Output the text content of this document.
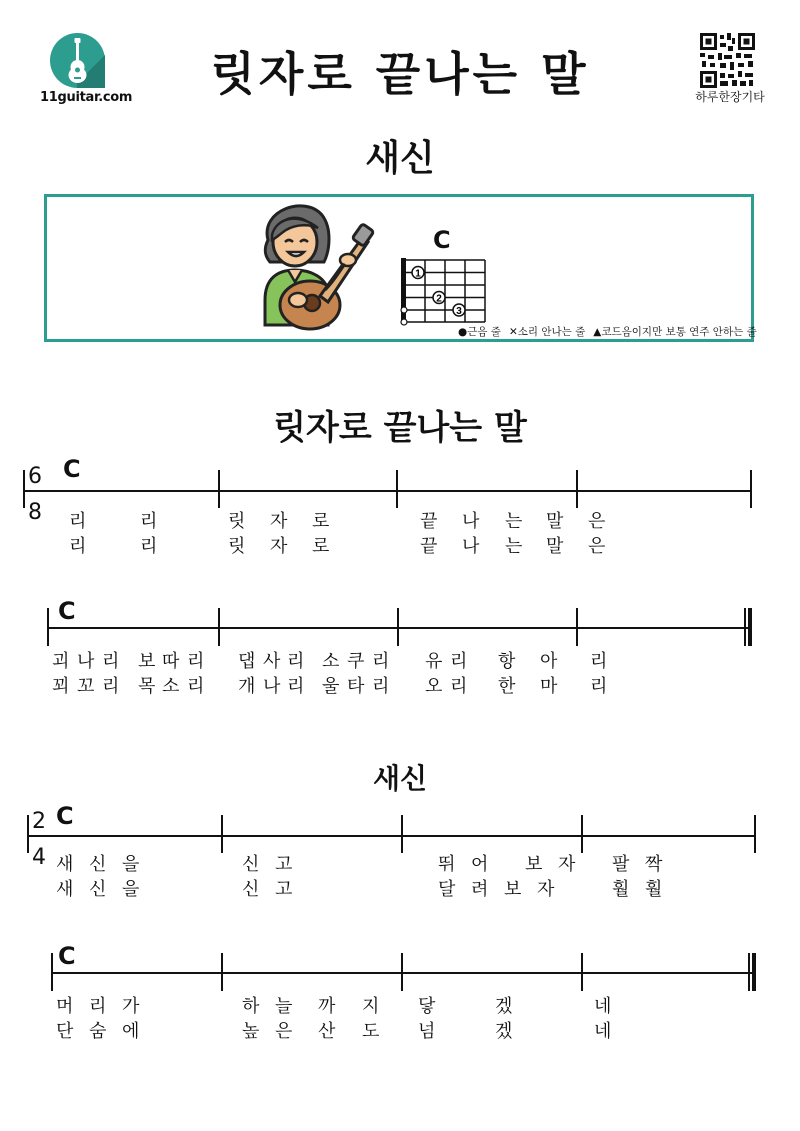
11guitar.com	릿자로 끝나는 말	하루한장기타
새신
C
1
2
3
●근음 줄 ✕소리 안나는 줄 ▲코드음이지만 보통 연주 안하는 줄
릿자로 끝나는 말
6
8
C
C
리	리	릿 자 로	끝 나 는 말 은
리	리	릿 자 로	끝 나 는 말 은
괴 나 리 보 따 리 댑 사 리 소 쿠 리 유 리 항 아 리
꾀 꼬 리 목 소 리 개 나 리 울 타 리 오 리 한 마 리
새신
2
4
C
C
새 신 을	신 고	뛰 어 보 자 팔 짝
새 신 을	신 고	달 려 보 자	훨 훨
머 리 가	하 늘 까 지 닿	겠	네
단 숨 에	높 은 산 도 넘	겠	네
